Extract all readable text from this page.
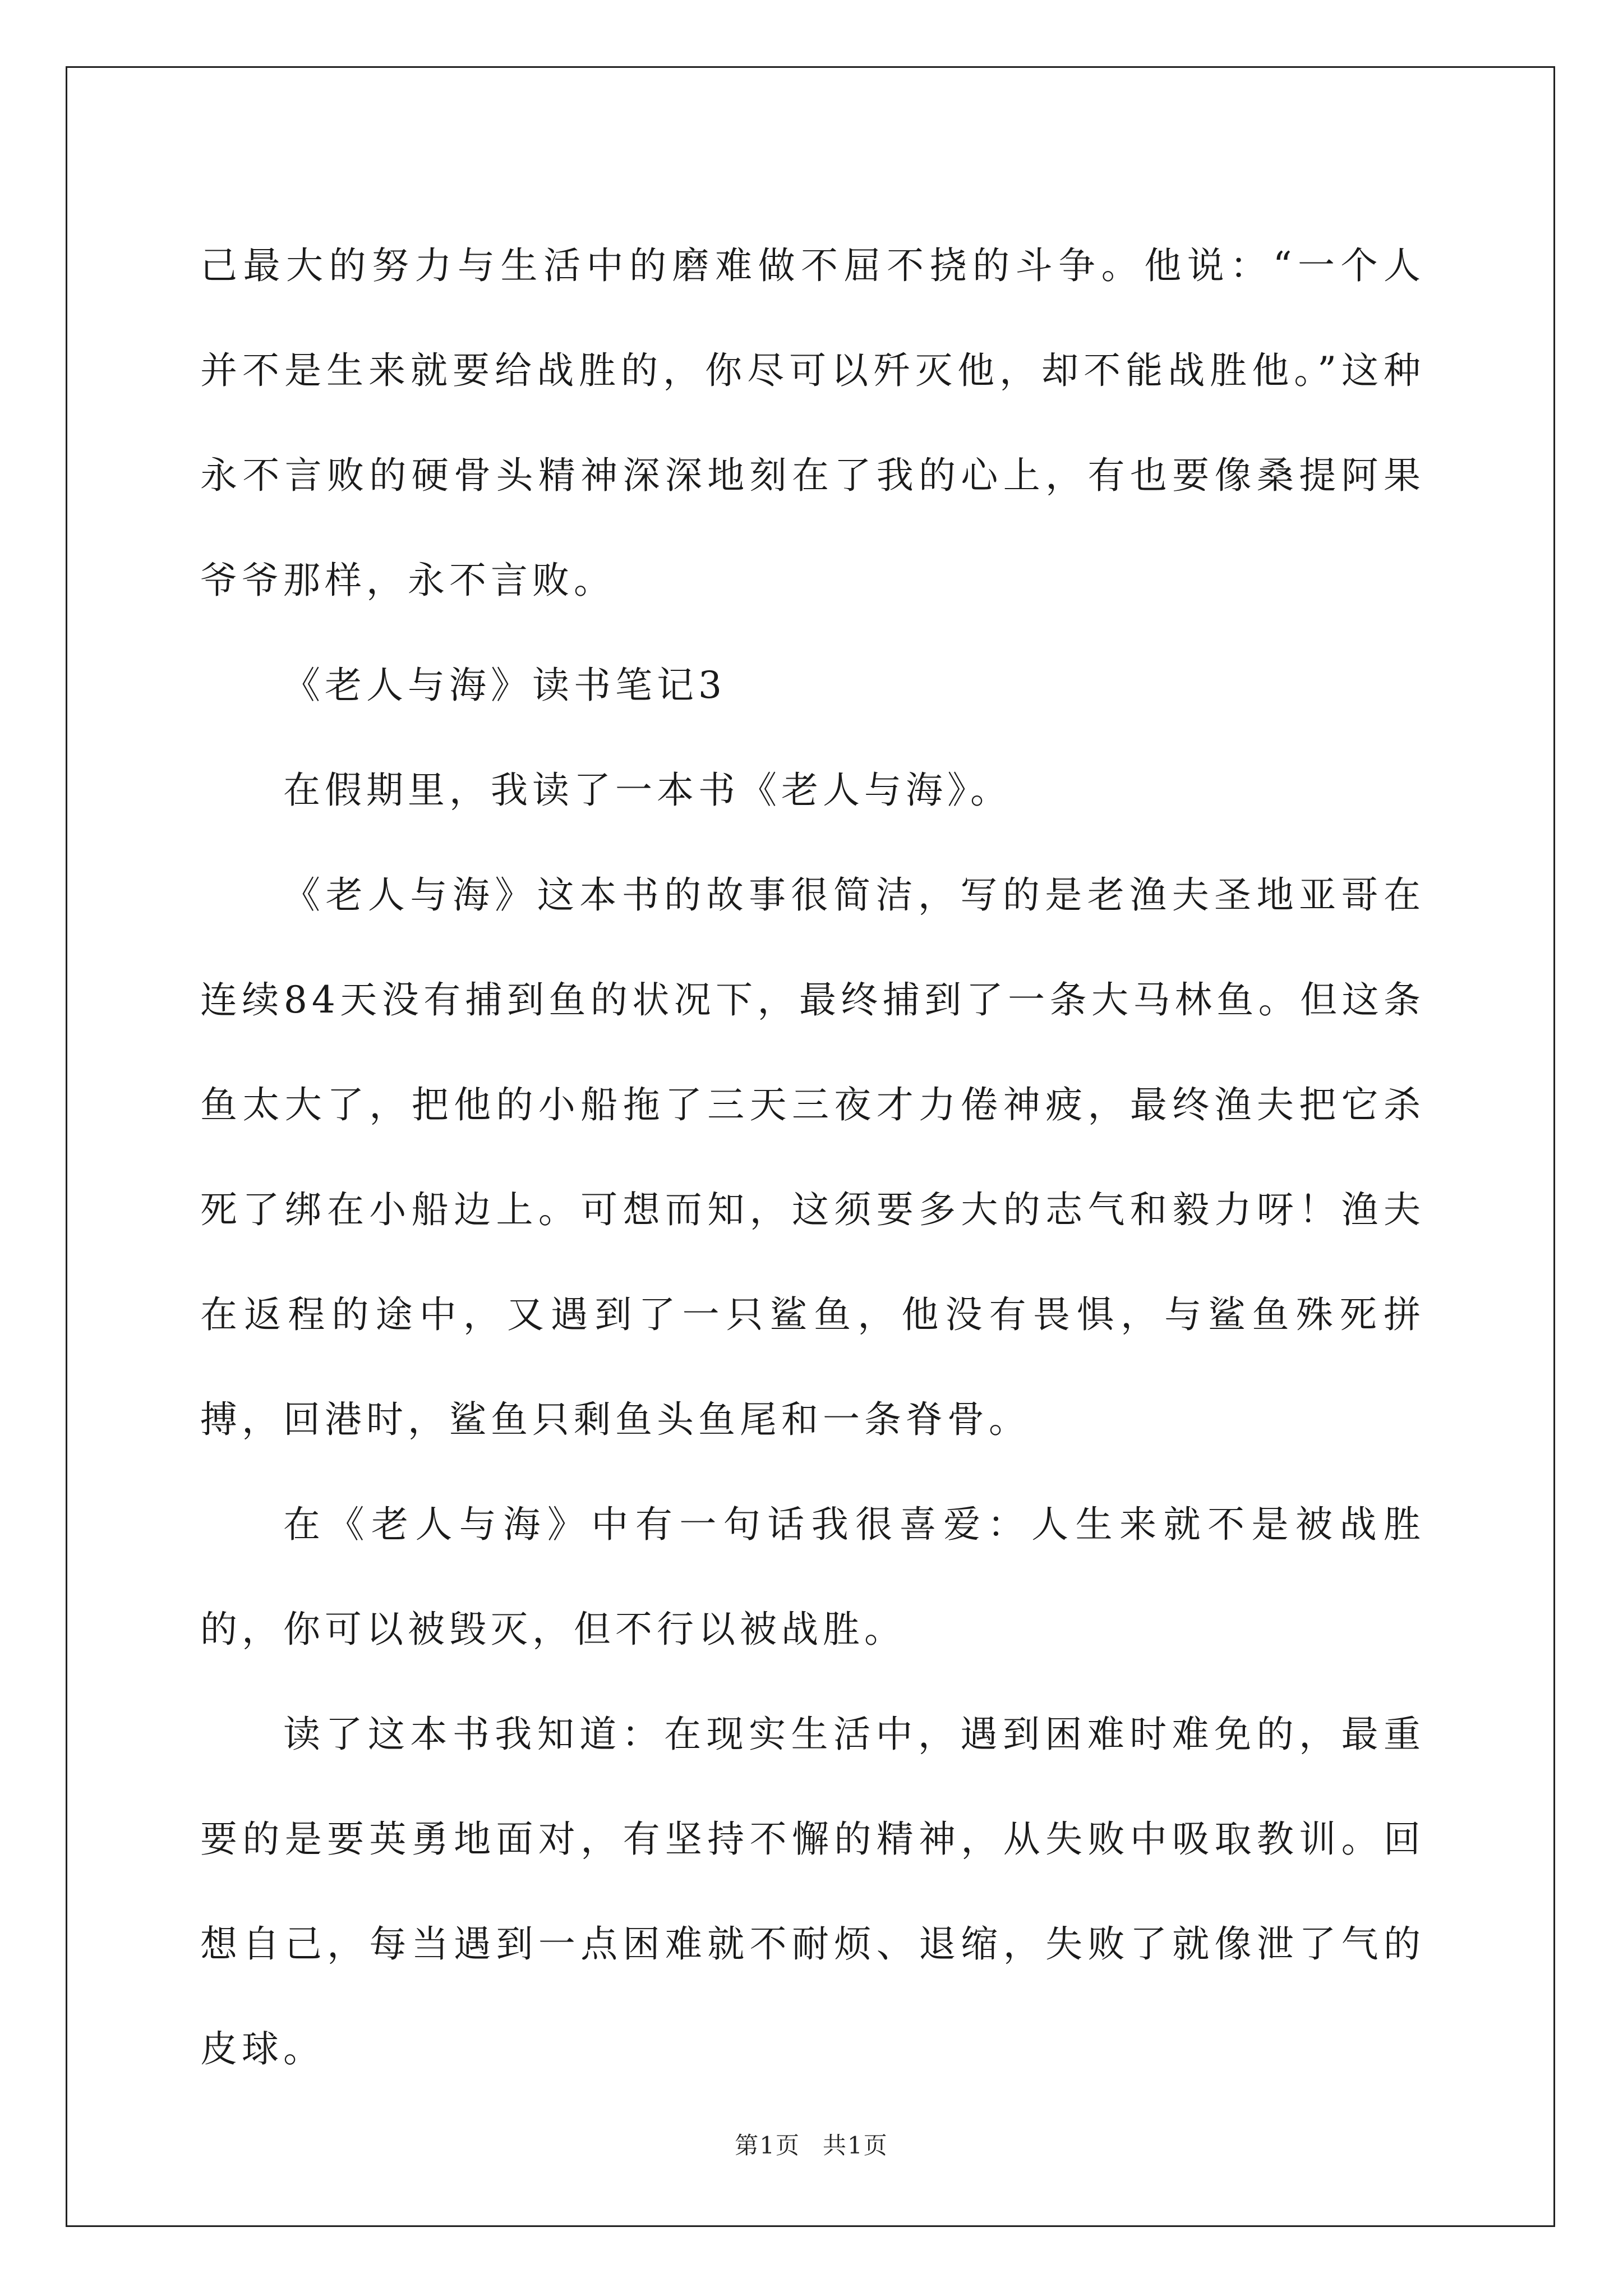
己最大的努力与生活中的磨难做不屈不挠的斗争。他说：“一个人并不是生来就要给战胜的，你尽可以歼灭他，却不能战胜他。”这种永不言败的硬骨头精神深深地刻在了我的心上，有也要像桑提阿果爷爷那样，永不言败。

《老人与海》读书笔记3

在假期里，我读了一本书《老人与海》。

《老人与海》这本书的故事很简洁，写的是老渔夫圣地亚哥在连续84天没有捕到鱼的状况下，最终捕到了一条大马林鱼。但这条鱼太大了，把他的小船拖了三天三夜才力倦神疲，最终渔夫把它杀死了绑在小船边上。可想而知，这须要多大的志气和毅力呀！渔夫在返程的途中，又遇到了一只鲨鱼，他没有畏惧，与鲨鱼殊死拼搏，回港时，鲨鱼只剩鱼头鱼尾和一条脊骨。

在《老人与海》中有一句话我很喜爱：人生来就不是被战胜的，你可以被毁灭，但不行以被战胜。

读了这本书我知道：在现实生活中，遇到困难时难免的，最重要的是要英勇地面对，有坚持不懈的精神，从失败中吸取教训。回想自己，每当遇到一点困难就不耐烦、退缩，失败了就像泄了气的皮球。

第1页 共1页
